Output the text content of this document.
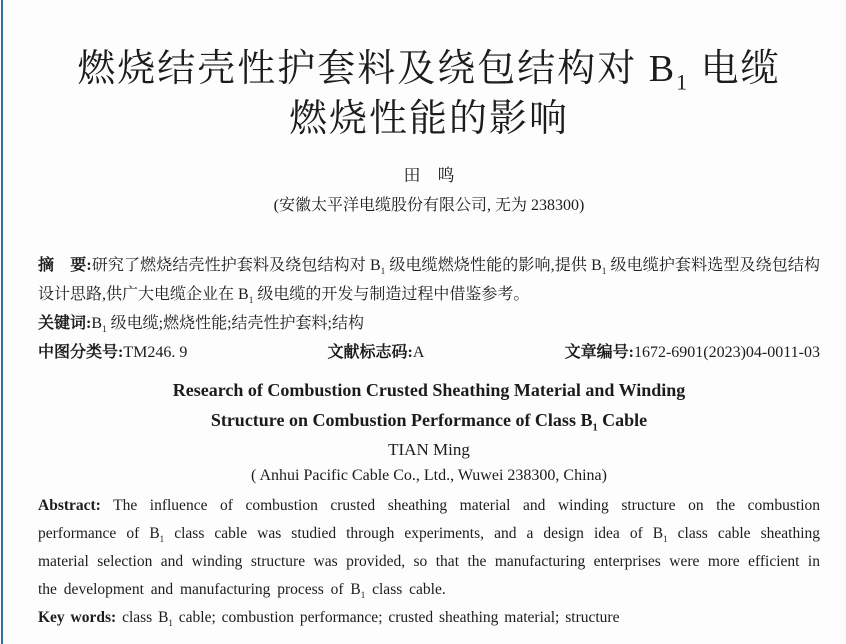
燃烧结壳性护套料及绕包结构对 $B_1$ 电缆
燃烧性能的影响
田　鸣
(安徽太平洋电缆股份有限公司, 无为 238300)

摘　要:研究了燃烧结壳性护套料及绕包结构对 $B_1$ 级电缆燃烧性能的影响,提供 $B_1$ 级电缆护套料选型及绕包结构设计思路,供广大电缆企业在 $B_1$ 级电缆的开发与制造过程中借鉴参考。

关键词$:B_1$ 级电缆;燃烧性能;结壳性护套料;结构

中图分类号:TM246. 9	文献标志码:A	文章编号:1672-6901(2023)04-0011-03
Research of Combustion Crusted Sheathing Material and Winding
Structure on Combustion Performance of Class $B_1$ Cable
TIAN Ming
( Anhui Pacific Cable Co., Ltd., Wuwei 238300, China)

Abstract: The influence of combustion crusted sheathing material and winding structure on the combustion performance of $B_1$ class cable was studied through experiments, and a design idea of $B_1$ class cable sheathing material selection and winding structure was provided, so that the manufacturing enterprises were more efficient in the development and manufacturing process of $B_1$ class cable.

Key words: class $B_1$ cable; combustion performance; crusted sheathing material; structure
